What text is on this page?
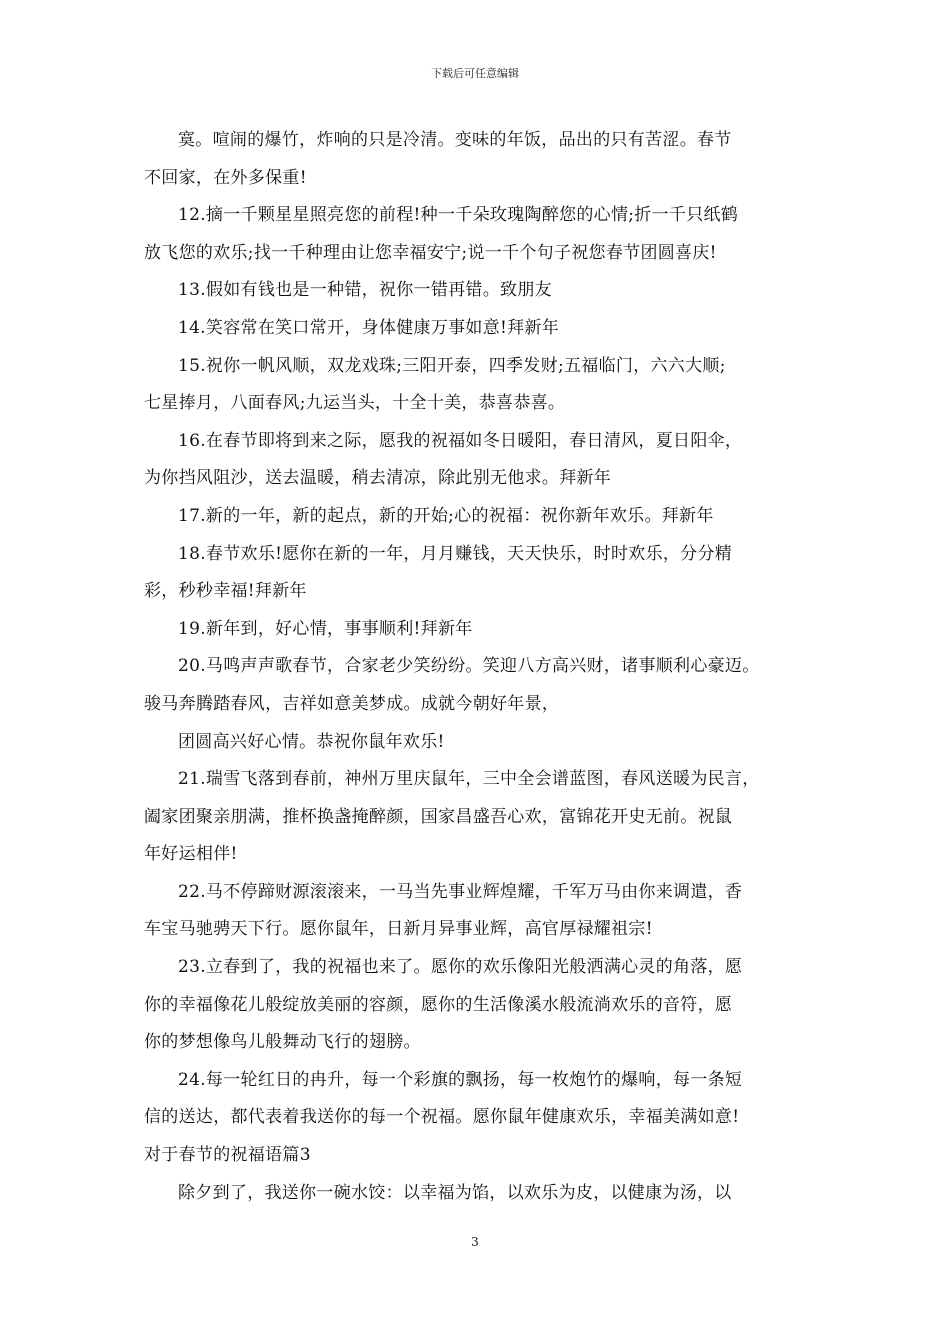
下载后可任意编辑
寞。喧闹的爆竹，炸响的只是冷清。变味的年饭，品出的只有苦涩。春节
不回家，在外多保重!
12.摘一千颗星星照亮您的前程!种一千朵玫瑰陶醉您的心情;折一千只纸鹤
放飞您的欢乐;找一千种理由让您幸福安宁;说一千个句子祝您春节团圆喜庆!
13.假如有钱也是一种错，祝你一错再错。致朋友
14.笑容常在笑口常开，身体健康万事如意!拜新年
15.祝你一帆风顺，双龙戏珠;三阳开泰，四季发财;五福临门，六六大顺;
七星捧月，八面春风;九运当头，十全十美，恭喜恭喜。
16.在春节即将到来之际，愿我的祝福如冬日暖阳，春日清风，夏日阳伞，
为你挡风阻沙，送去温暖，稍去清凉，除此别无他求。拜新年
17.新的一年，新的起点，新的开始;心的祝福：祝你新年欢乐。拜新年
18.春节欢乐!愿你在新的一年，月月赚钱，天天快乐，时时欢乐，分分精
彩，秒秒幸福!拜新年
19.新年到，好心情，事事顺利!拜新年
20.马鸣声声歌春节，合家老少笑纷纷。笑迎八方高兴财，诸事顺利心豪迈。
骏马奔腾踏春风，吉祥如意美梦成。成就今朝好年景，
团圆高兴好心情。恭祝你鼠年欢乐!
21.瑞雪飞落到春前，神州万里庆鼠年，三中全会谱蓝图，春风送暖为民言，
阖家团聚亲朋满，推杯换盏掩醉颜，国家昌盛吾心欢，富锦花开史无前。祝鼠
年好运相伴!
22.马不停蹄财源滚滚来，一马当先事业辉煌耀，千军万马由你来调遣，香
车宝马驰骋天下行。愿你鼠年，日新月异事业辉，高官厚禄耀祖宗!
23.立春到了，我的祝福也来了。愿你的欢乐像阳光般洒满心灵的角落，愿
你的幸福像花儿般绽放美丽的容颜，愿你的生活像溪水般流淌欢乐的音符，愿
你的梦想像鸟儿般舞动飞行的翅膀。
24.每一轮红日的冉升，每一个彩旗的飘扬，每一枚炮竹的爆响，每一条短
信的送达，都代表着我送你的每一个祝福。愿你鼠年健康欢乐，幸福美满如意!
对于春节的祝福语篇3
除夕到了，我送你一碗水饺：以幸福为馅，以欢乐为皮，以健康为汤，以
3
